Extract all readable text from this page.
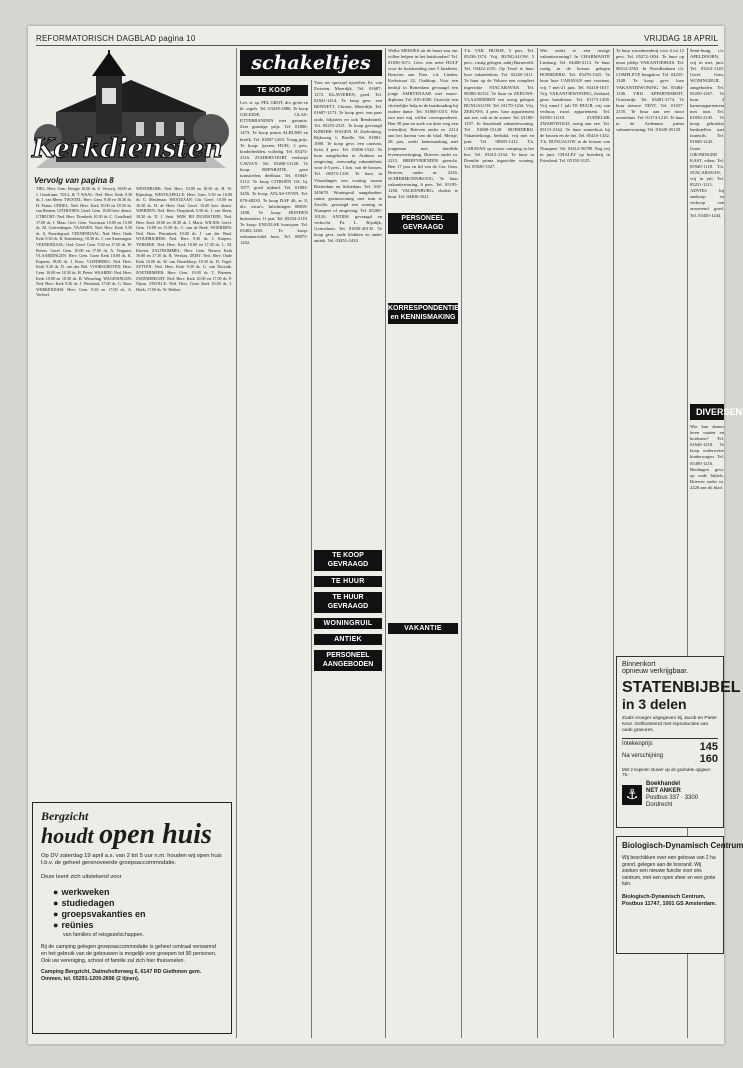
REFORMATORISCH DAGBLAD pagina 10	VRIJDAG 18 APRIL
Kerkdiensten
Vervolg van pagina 8
TIEL: Herv. Gem. Hoogte 10.00 ds. S. Verweij; 18.00 dr. J. Goudriaan. TULL & 'T WAAL: Ned. Herv. Kerk 9.30 ds. J. van Meen. TWISTEL: Herv. Gem. 9.30 en 18.30 ds. H. Pruim. UDDEL: Ned. Herv. Kerk 10.00 en 18.30 ds. van Reenen. UITHOORN: Geref. Gem. 10.00 lees- dienst. UTRECHT: Ned. Herv. Domkerk 10.30 dr. C. Graafland; 17.00 ds. J. Maas. Gref. Gem. Voorstraat 10.00 en 15.00 ds. M. Golverdingen. VAASSEN: Ned. Herv. Kerk 9.30 ds. A. Noordegraaf. VEENENDAAL: Ned. Herv. Oude Kerk 9.30 ds. R. Kattenberg; 18.30 ds. J. van Amerongen. VEENENDAAL: Oud. Geref. Gem. 9.30 en 17.00 ds. W. Pieters. Geref. Gem. 10.00 en 17.00 ds. A. Vergunst. VLAARDINGEN: Herv. Gem. Grote Kerk 10.00 ds. K. Kaptein; 18.00 ds. J. Roos. VLIEDBERG: Ned. Herv. Kerk 9.30 ds. D. van der Wal. VOORSCHOTEN: Herv. Gem. 10.00 en 18.30 ds. H. Pieter. WAARDE: Ned. Herv. Kerk 10.00 en 18.30 ds. B. Wesseling. WAGENINGEN: Ned. Herv. Kerk 9.30 ds. J. Westland; 17.00 ds. G. Boer. WERKENDAM: Herv. Gem. 9.30 en 17.00 ds. A. Verhoef.
WESTBROEK: Ned. Herv. 10.00 en 18.30 ds. H. W. Rijnsdorp. WESTKAPELLE: Herv. Gem. 9.30 en 18.00 ds. G. Meulenaar. WESTZAAN: Chr. Geref. 10.00 en 16.30 ds. H. de Heer; Oud. Geref. 10.00 lees- dienst. WIERDEN: Ned. Herv. Dorpskerk 9.30 ds. J. van Sleen; 18.30 ds. D. J. Smit. WIJK BIJ DUURSTEDE: Ned. Herv. Kerk 10.00 en 18.30 ds. J. Maris. WILNIS: Geref. Gem. 10.00 en 15.00 ds. C. van de Beek. WOERDEN: Ned. Herv. Petruskerk 10.00 ds. J. van der Waal. WOUDRICHEM: Ned. Herv. 9.30 ds. J. Kuipers. YERSEKE: Ned. Herv. Kerk 10.00 en 17.30 ds. L. M. Kieviet. ZALTBOMMEL: Herv. Gem. Nieuwe Kerk 10.00 en 17.30 ds. R. Versluis. ZEIST: Ned. Herv. Oude Kerk 10.00 ds. W. van Dusseldorp; 18.30 ds. H. Vogel. ZETTEN: Ned. Herv. Kerk 9.30 ds. G. van Doornik. ZOETERMEER: Herv. Gem. 10.00 ds. T. Brienen. ZWIJNDRECHT: Ned. Herv. Kerk 10.00 en 17.00 ds. P. Nijsse. ZWOLLE: Ned. Herv. Grote Kerk 10.00 ds. J. Hoek; 17.00 ds. W. Dekker.
Bergzicht
houdt open huis
Op DV zaterdag 19 april a.s. van 2 tot 5 uur n.m. houden wij open huis t.b.v. de geheel gerenoveerde groepsaccommodatie.
Deze leent zich uitstekend voor
● werkweken
● studiedagen
● groepsvakanties en
● reünies
van families of reisgezelschappen.
Bij de camping gelegen groepsaccommodatie is geheel centraal verwarmd en het gebruik van de gebouwen is mogelijk voor groepen tot 90 personen. Ook uw vereniging, school of familie zal zich hier thuisvoelen.
Camping Bergzicht, Dalmsholterweg 6, 6147 RD Giethmen gem. Ommen, tel. 05291-1209-2696 (2 lijnen).
schakeltjes
TE KOOP
Lev. st. sp. PEL GROT, div. grote en kl. orgels. Tel. 03418-1886. Te koop GELEIDE, GLAS-ETTERBANDEN met garantie. Zeer gunstige prijs. Tel. 01806-1473. Te koop prima ALBUMS en briefk. Tel. 01807-1263. Vraag prijs. Te koop: ijzeren HUIS, 2 pers. kinderbedden, volledig. Tel. 03473-2316. ZUIDERVOORT verkoopt CAVIA'S. Tel. 03400-13128. Te koop: REPARATIE, gave tuinstoelen, deelbaar. Tel. 01843-5112. Te koop CITROËN GS, bj. 1977, goed rijdend. Tel. 01803-3456. Te koop, ATLAS-OVEN. Tel. 078-48230. Te koop DAF 46, zr. 8, div. extra's. Inlichtingen 08819-1208. Te koop HONDEN huissnotter, 11 jaar. Tel. 05254-2118. Te koop: ENGELSE bouwjaar. Tel. 03402-1265. Te koop: eetkamerrtafel hout. Tel. 08875-1202.
TE KOOP GEVRAAGD
TE HUUR
TE HUUR GEVRAAGD
WONINGRUIL
ANTIEK
PERSONEEL AANGEBODEN
Voor uw speciaal rijwielen. Fa. van Zwieten, Moerdijk. Tel. 01687-1272. KLAVIEREN, goed. Tel. 01841-1414. Te koop gevr. een BENNETT, Citroen, Moerdijk. Tel. 01687-1273. Te koop gevr. een paar oude, biljarten en ook Rembrandt. Tel. 05253-2321. Te koop gevraagd KINDER- WAGEN. H. Zeelenberg, Rijksweg 1, Brielle. Tel. 01881-1000. Te koop gevr. een caravan, liefst 4 pers. Tel. 01806-1542. Te huur aangeboden in Arnhem en omgeving: eenvoudig vakantiehuis voor 4-5 pers., 1 km. van de bossen. Tel. 08374-1316. Te huur in Vlaardingen een woning tussen Rotterdam en Schiedam. Tel. 010-345678. Woningruil aangeboden: ruime gezinswoning met tuin te Zwolle, gevraagd een woning in Nunspeet of omgeving. Tel. 05200-10126. ANTIEK gevraagd en verkocht. Fa. L. Rijsdijk, Gorinchem. Tel. 01830-20135. Te koop gevr. oude klokken en ander antiek. Tel. 03451-2410.
Welke MEISJES uit de buurt zou ons willen helpen in het huishouden? Tel. 01838-1671. Gevr. een nette HULP voor de huishouding met 5 kinderen. Reacties aan Fam. v.d. Linden, Kerkstraat 22, Ouddorp. Voor een bedrijf in Rotterdam gevraagd een jonge AMBTENAAR met mavo-diploma. Tel. 010-4500. Gezocht: een christelijke hulp in de huishouding bij oudere dame. Tel. 01800-3315. Wie zou met mij willen corresponderen. Ben 30 jaar en zoek via deze weg een vriend(in). Brieven onder nr. 2214 aan het bureau van dit blad. Meisje, 28 jaar, zoekt kennismaking met jongeman met dezelfde levensovertuiging. Brieven onder nr. 2215. BRIEFVRIENDIN gezocht. Ben 17 jaar en lid van de Ger. Gem. Brieven onder nr. 2216. SCHIERMONNIKOOG. Te huur vakantiewoning, 6 pers. Tel. 05195-1256. VALKENBURG, chalets te huur. Tel. 04406-3321.
PERSONEEL GEVRAAGD
KORRESPONDENTIE en KENNISMAKING
VAKANTIE
T.h. VAK. HUISJE, 5 pers. Tel. 05236-1374. Vrij. BUNGALOW, 5 pers., rustig gelegen, nabij Barneveld. Tel. 03422-2135. Op Texel te huur luxe vakantiehuis. Tel. 02220-1411. Te huur op de Veluwe een compleet ingerichte STACARAVAN. Tel. 08380-16312. Te huur in ZEEUWS-VLAANDEREN een rustig gelegen BUNGALOW. Tel. 01170-1234. Vrij. ZEEUWS, 4 pers. luxe appartement aan zee, ook in de zomer. Tel. 01180-1257. In Sauerland vakantiewoning. Tel. 01800-15128. BOERDERIJ. Vakantiekoogt, beekdal, vrij mei en juni. Tel. 08385-1412. T.h. CARAVAN op mooie camping in het bos. Tel. 03412-2134. Te huur in Drenthe prima ingerichte woning. Tel. 05920-1327.
Wie zoekt er een rustige vakantiewoning? In CHARMANTE Limburg. Tel. 04400-2113. Te huur rustig in de bossen gelegen BOERDERIJ. Tel. 05478-1325. Te huur luxe CARAVAN met voortent, vrij 7 mei-21 juni. Tel. 03418-1617. Vrij. VAKANTIEWONING, Zeeland, geen huisdieren. Tel. 01173-1458. Vrij vanaf 1 juli TE HUUR, vrij van verhuur, mooi appartement. Tel. 02930-11110. ZUIDELIJK ZWARTWOLD, rustig aan zee. Tel. 05113-2142. Te huur zomerhuis bij de bossen en de hei. Tel. 05416-1432. T.h. BUNGALOW in de bossen van Nunspeet. Tel. 03412-56789. Nog vrij in juni: CHALET op boerderij in Friesland. Tel. 05150-3125.
Te huur woonboerderij voor 4 tot 12 pers. Tel. 05272-1834. Te huur op mooi plekje VAKANTIEHUIS. Tel. 08312-2563. In Noordbrabant t.h. COMPLETE bungalow. Tel. 04255-1328. Te koop gevr. luxe VAKANTIEWONING. Tel. 05484-1336. VRIJ. APPARTEMENT, Oostenrijk. Tel. 03481-2174. Te huur nieuwe TENT. Tel. 01657-2135. Te huur aan zee mooi zomerhuis. Tel. 01174-1218. Te huur in de Ardennen prima vakantiewoning. Tel. 01640-45120.
Semi-bung. t.h. APELDOORN, vrij in mei, juni. Tel. 03412-1120. Geref. Gem. WONINGRUIL aangeboden. Tel. 05250-1267. Te huur 2 kamerappartement met tuin. Tel. 01850-2145. Te koop: gebruikte bankstellen met fauteuils. Tel. 01840-1245. Grote GRONINGER KAST, eiken. Tel. 05940-1118. T.h. STACARAVAN, vrij in juli. Tel. 05251-1211. ADVIES bij aankoop en verkoop van onroerend goed. Tel. 03450-1244.
DIVERSEN
Wie kan dames leren naaien en borduren? Tel. 01640-1218. Te koop ouderwetse kinderwagen. Tel. 05490-1216. Biedingen gevr. op oude bijbels. Brieven onder nr. 2220 aan dit blad.
Binnenkort
opnieuw verkrijgbaar.
STATENBIJBEL
in 3 delen
Zoals vroeger uitgegeven bij Jacob en Pieter Keur. Geïllustreerd met reproducties van oude gravures.
Intekenprijs	145
Na verschijning	160
Met 2 kopieën stuiver op de gedrukte opgave: 75,-
⚓
Boekhandel
NET ANKER
Postbus 337 · 3300
Dordrecht
Biologisch-Dynamisch Centrum
Wij beschikken over een gebouw van 2 ha grond, gelegen aan de bosrand. Wij zoeken een nieuwe functie voor ons centrum, met een open sfeer en een grote tuin.
Biologisch-Dynamisch Centrum, Postbus 11747, 1001 GS Amsterdam.
